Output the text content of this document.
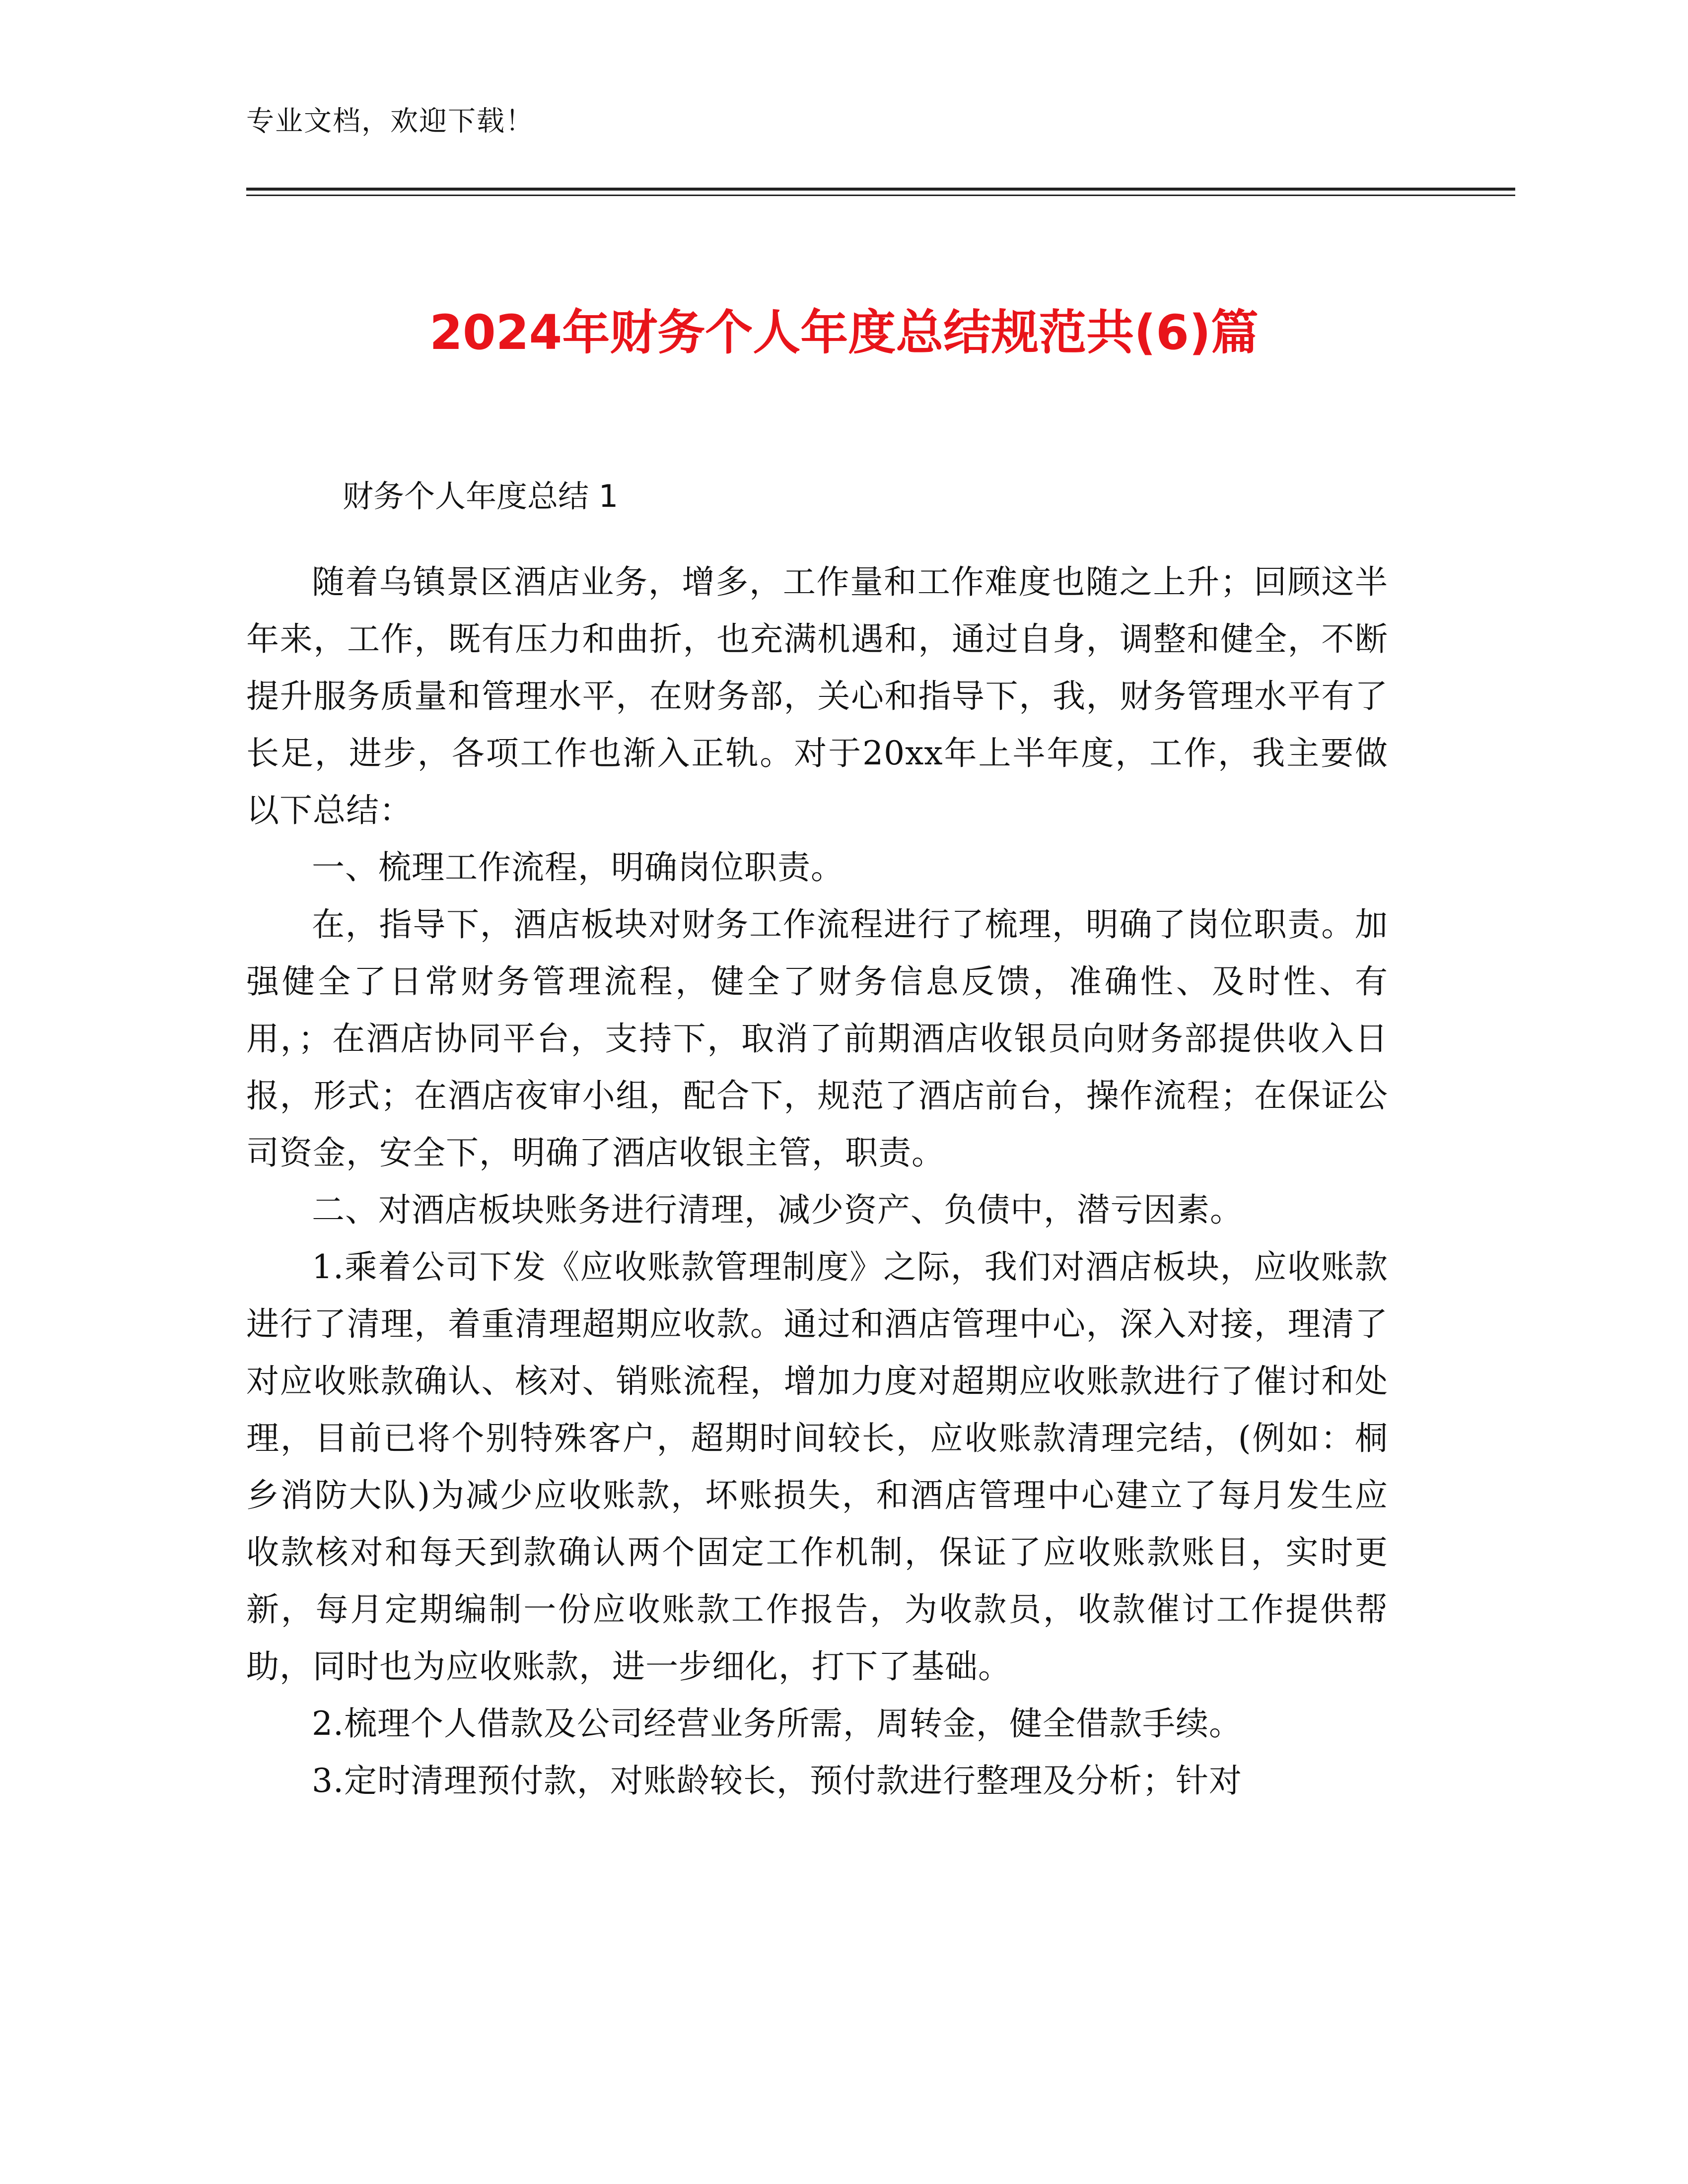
专业文档，欢迎下载！
2024年财务个人年度总结规范共(6)篇
财务个人年度总结 1

随着乌镇景区酒店业务，增多，工作量和工作难度也随之上升；回顾这半年来，工作，既有压力和曲折，也充满机遇和，通过自身，调整和健全，不断提升服务质量和管理水平，在财务部，关心和指导下，我，财务管理水平有了长足，进步，各项工作也渐入正轨。对于20xx年上半年度，工作，我主要做以下总结：

一、梳理工作流程，明确岗位职责。

在，指导下，酒店板块对财务工作流程进行了梳理，明确了岗位职责。加强健全了日常财务管理流程，健全了财务信息反馈，准确性、及时性、有用，；在酒店协同平台，支持下，取消了前期酒店收银员向财务部提供收入日报，形式；在酒店夜审小组，配合下，规范了酒店前台，操作流程；在保证公司资金，安全下，明确了酒店收银主管，职责。

二、对酒店板块账务进行清理，减少资产、负债中，潜亏因素。

1.乘着公司下发《应收账款管理制度》之际，我们对酒店板块，应收账款进行了清理，着重清理超期应收款。通过和酒店管理中心，深入对接，理清了对应收账款确认、核对、销账流程，增加力度对超期应收账款进行了催讨和处理，目前已将个别特殊客户，超期时间较长，应收账款清理完结，(例如：桐乡消防大队)为减少应收账款，坏账损失，和酒店管理中心建立了每月发生应收款核对和每天到款确认两个固定工作机制，保证了应收账款账目，实时更新，每月定期编制一份应收账款工作报告，为收款员，收款催讨工作提供帮助，同时也为应收账款，进一步细化，打下了基础。

2.梳理个人借款及公司经营业务所需，周转金，健全借款手续。

3.定时清理预付款，对账龄较长，预付款进行整理及分析；针对
